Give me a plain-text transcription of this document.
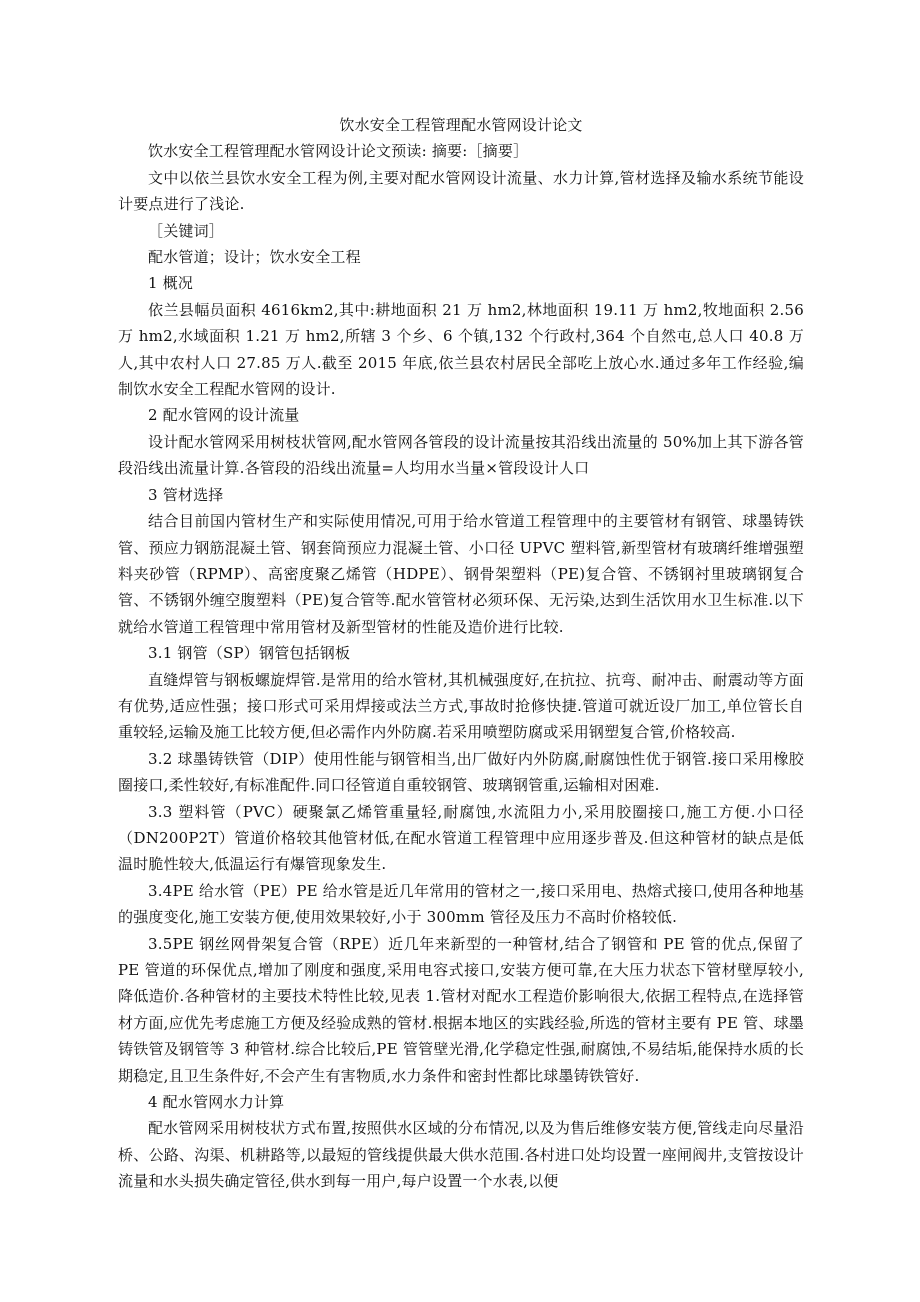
饮水安全工程管理配水管网设计论文

饮水安全工程管理配水管网设计论文预读: 摘要:［摘要］

文中以依兰县饮水安全工程为例,主要对配水管网设计流量、水力计算,管材选择及输水系统节能设计要点进行了浅论.

［关键词］

配水管道；设计；饮水安全工程

1 概况

依兰县幅员面积 4616km2,其中:耕地面积 21 万 hm2,林地面积 19.11 万 hm2,牧地面积 2.56 万 hm2,水域面积 1.21 万 hm2,所辖 3 个乡、6 个镇,132 个行政村,364 个自然屯,总人口 40.8 万人,其中农村人口 27.85 万人.截至 2015 年底,依兰县农村居民全部吃上放心水.通过多年工作经验,编制饮水安全工程配水管网的设计.

2 配水管网的设计流量

设计配水管网采用树枝状管网,配水管网各管段的设计流量按其沿线出流量的 50%加上其下游各管段沿线出流量计算.各管段的沿线出流量=人均用水当量×管段设计人口

3 管材选择

结合目前国内管材生产和实际使用情况,可用于给水管道工程管理中的主要管材有钢管、球墨铸铁管、预应力钢筋混凝土管、钢套筒预应力混凝土管、小口径 UPVC 塑料管,新型管材有玻璃纤维增强塑料夹砂管（RPMP）、高密度聚乙烯管（HDPE）、钢骨架塑料（PE)复合管、不锈钢衬里玻璃钢复合管、不锈钢外缠空腹塑料（PE)复合管等.配水管管材必须环保、无污染,达到生活饮用水卫生标准.以下就给水管道工程管理中常用管材及新型管材的性能及造价进行比较.

3.1 钢管（SP）钢管包括钢板

直缝焊管与钢板螺旋焊管.是常用的给水管材,其机械强度好,在抗拉、抗弯、耐冲击、耐震动等方面有优势,适应性强；接口形式可采用焊接或法兰方式,事故时抢修快捷.管道可就近设厂加工,单位管长自重较轻,运输及施工比较方便,但必需作内外防腐.若采用喷塑防腐或采用钢塑复合管,价格较高.

3.2 球墨铸铁管（DIP）使用性能与钢管相当,出厂做好内外防腐,耐腐蚀性优于钢管.接口采用橡胶圈接口,柔性较好,有标准配件.同口径管道自重较钢管、玻璃钢管重,运输相对困难.

3.3 塑料管（PVC）硬聚氯乙烯管重量轻,耐腐蚀,水流阻力小,采用胶圈接口,施工方便.小口径（DN200P2T）管道价格较其他管材低,在配水管道工程管理中应用逐步普及.但这种管材的缺点是低温时脆性较大,低温运行有爆管现象发生.

3.4PE 给水管（PE）PE 给水管是近几年常用的管材之一,接口采用电、热熔式接口,使用各种地基的强度变化,施工安装方便,使用效果较好,小于 300mm 管径及压力不高时价格较低.

3.5PE 钢丝网骨架复合管（RPE）近几年来新型的一种管材,结合了钢管和 PE 管的优点,保留了 PE 管道的环保优点,增加了刚度和强度,采用电容式接口,安装方便可靠,在大压力状态下管材壁厚较小,降低造价.各种管材的主要技术特性比较,见表 1.管材对配水工程造价影响很大,依据工程特点,在选择管材方面,应优先考虑施工方便及经验成熟的管材.根据本地区的实践经验,所选的管材主要有 PE 管、球墨铸铁管及钢管等 3 种管材.综合比较后,PE 管管壁光滑,化学稳定性强,耐腐蚀,不易结垢,能保持水质的长期稳定,且卫生条件好,不会产生有害物质,水力条件和密封性都比球墨铸铁管好.

4 配水管网水力计算

配水管网采用树枝状方式布置,按照供水区域的分布情况,以及为售后维修安装方便,管线走向尽量沿桥、公路、沟渠、机耕路等,以最短的管线提供最大供水范围.各村进口处均设置一座闸阀井,支管按设计流量和水头损失确定管径,供水到每一用户,每户设置一个水表,以便
